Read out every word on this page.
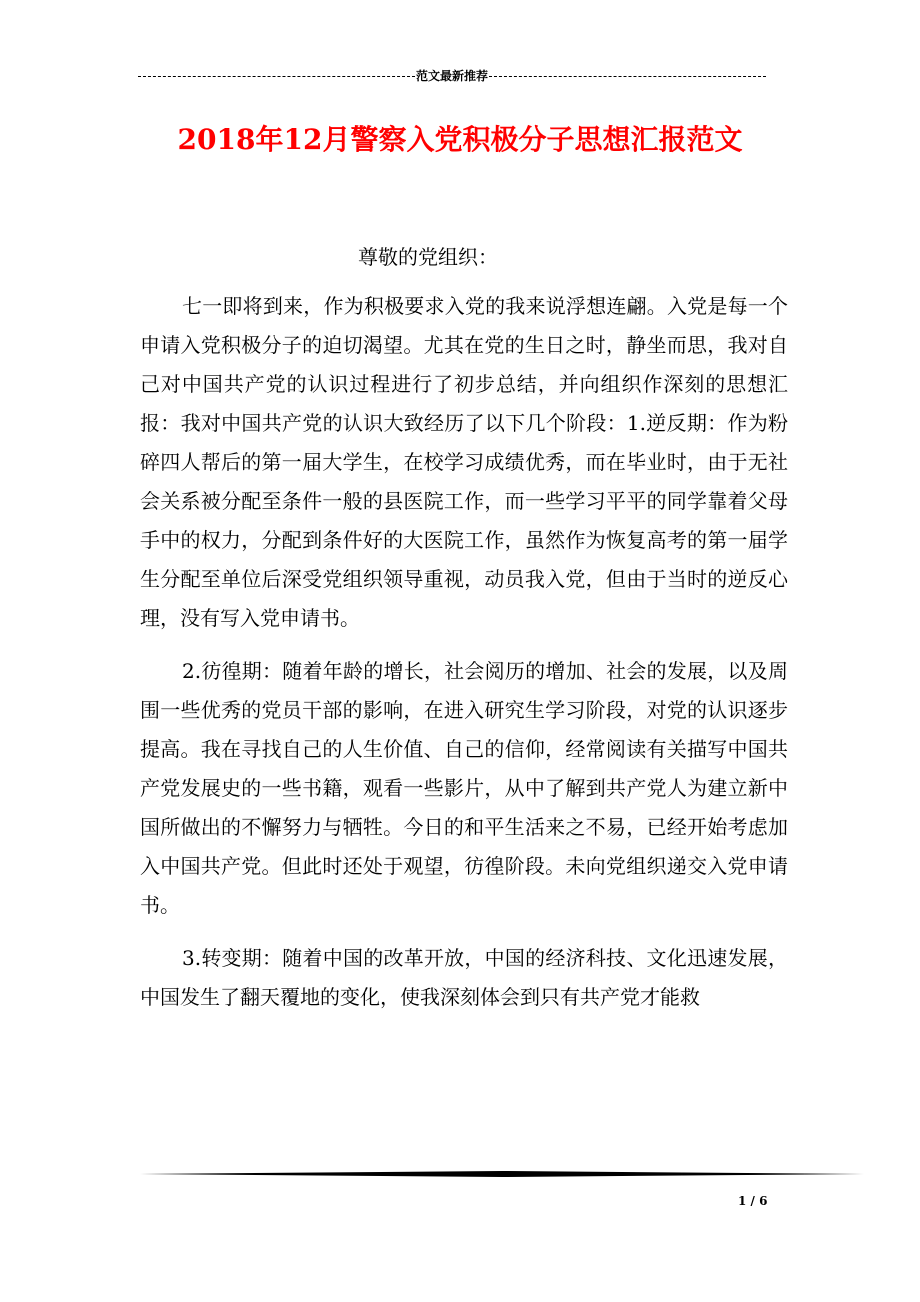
范文最新推荐
2018年12月警察入党积极分子思想汇报范文
尊敬的党组织：

七一即将到来，作为积极要求入党的我来说浮想连翩。入党是每一个申请入党积极分子的迫切渴望。尤其在党的生日之时，静坐而思，我对自己对中国共产党的认识过程进行了初步总结，并向组织作深刻的思想汇报：我对中国共产党的认识大致经历了以下几个阶段：1.逆反期：作为粉 碎四人帮后的第一届大学生，在校学习成绩优秀，而在毕业时，由于无社会关系被分配至条件一般的县医院工作，而一些学习平平的同学靠着父母手中的权力，分配到条件好的大医院工作，虽然作为恢复高考的第一届学生分配至单位后深受党组织领导重视，动员我入党，但由于当时的逆反心理，没有写入党申请书。

2.彷徨期：随着年龄的增长，社会阅历的增加、社会的发展，以及周围一些优秀的党员干部的影响，在进入研究生学习阶段，对党的认识逐步提高。我在寻找自己的人生价值、自己的信仰，经常阅读有关描写中国共产党发展史的一些书籍，观看一些影片，从中了解到共产党人为建立新中国所做出的不懈努力与牺牲。今日的和平生活来之不易，已经开始考虑加入中国共产党。但此时还处于观望，彷徨阶段。未向党组织递交入党申请书。

3.转变期：随着中国的改革开放，中国的经济科技、文化迅速发展，中国发生了翻天覆地的变化，使我深刻体会到只有共产党才能救

1 / 6
